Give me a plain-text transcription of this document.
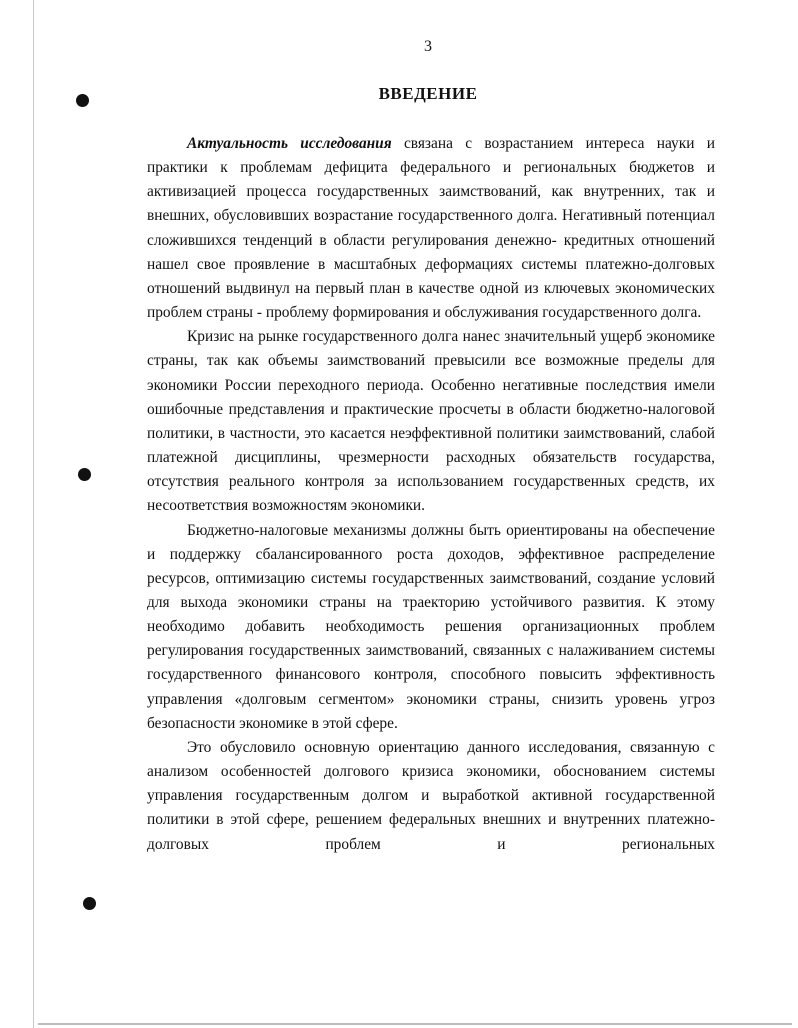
3
ВВЕДЕНИЕ

Актуальность исследования связана с возрастанием интереса науки и практики к проблемам дефицита федерального и региональных бюджетов и активизацией процесса государственных заимствований, как внутренних, так и внешних, обусловивших возрастание государственного долга. Негативный потенциал сложившихся тенденций в области регулирования денежно- кредитных отношений нашел свое проявление в масштабных деформациях системы платежно-долговых отношений выдвинул на первый план в качестве одной из ключевых экономических проблем страны - проблему формирования и обслуживания государственного долга.

Кризис на рынке государственного долга нанес значительный ущерб экономике страны, так как объемы заимствований превысили все возможные пределы для экономики России переходного периода. Особенно негативные последствия имели ошибочные представления и практические просчеты в области бюджетно-налоговой политики, в частности, это касается неэффективной политики заимствований, слабой платежной дисциплины, чрезмерности расходных обязательств государства, отсутствия реального контроля за использованием государственных средств, их несоответствия возможностям экономики.

Бюджетно-налоговые механизмы должны быть ориентированы на обеспечение и поддержку сбалансированного роста доходов, эффективное распределение ресурсов, оптимизацию системы государственных заимствований, создание условий для выхода экономики страны на траекторию устойчивого развития. К этому необходимо добавить необходимость решения организационных проблем регулирования государственных заимствований, связанных с налаживанием системы государственного финансового контроля, способного повысить эффективность управления «долговым сегментом» экономики страны, снизить уровень угроз безопасности экономике в этой сфере.

Это обусловило основную ориентацию данного исследования, связанную с анализом особенностей долгового кризиса экономики, обоснованием системы управления государственным долгом и выработкой активной государственной политики в этой сфере, решением федеральных внешних и внутренних платежно-долговых проблем и региональных
